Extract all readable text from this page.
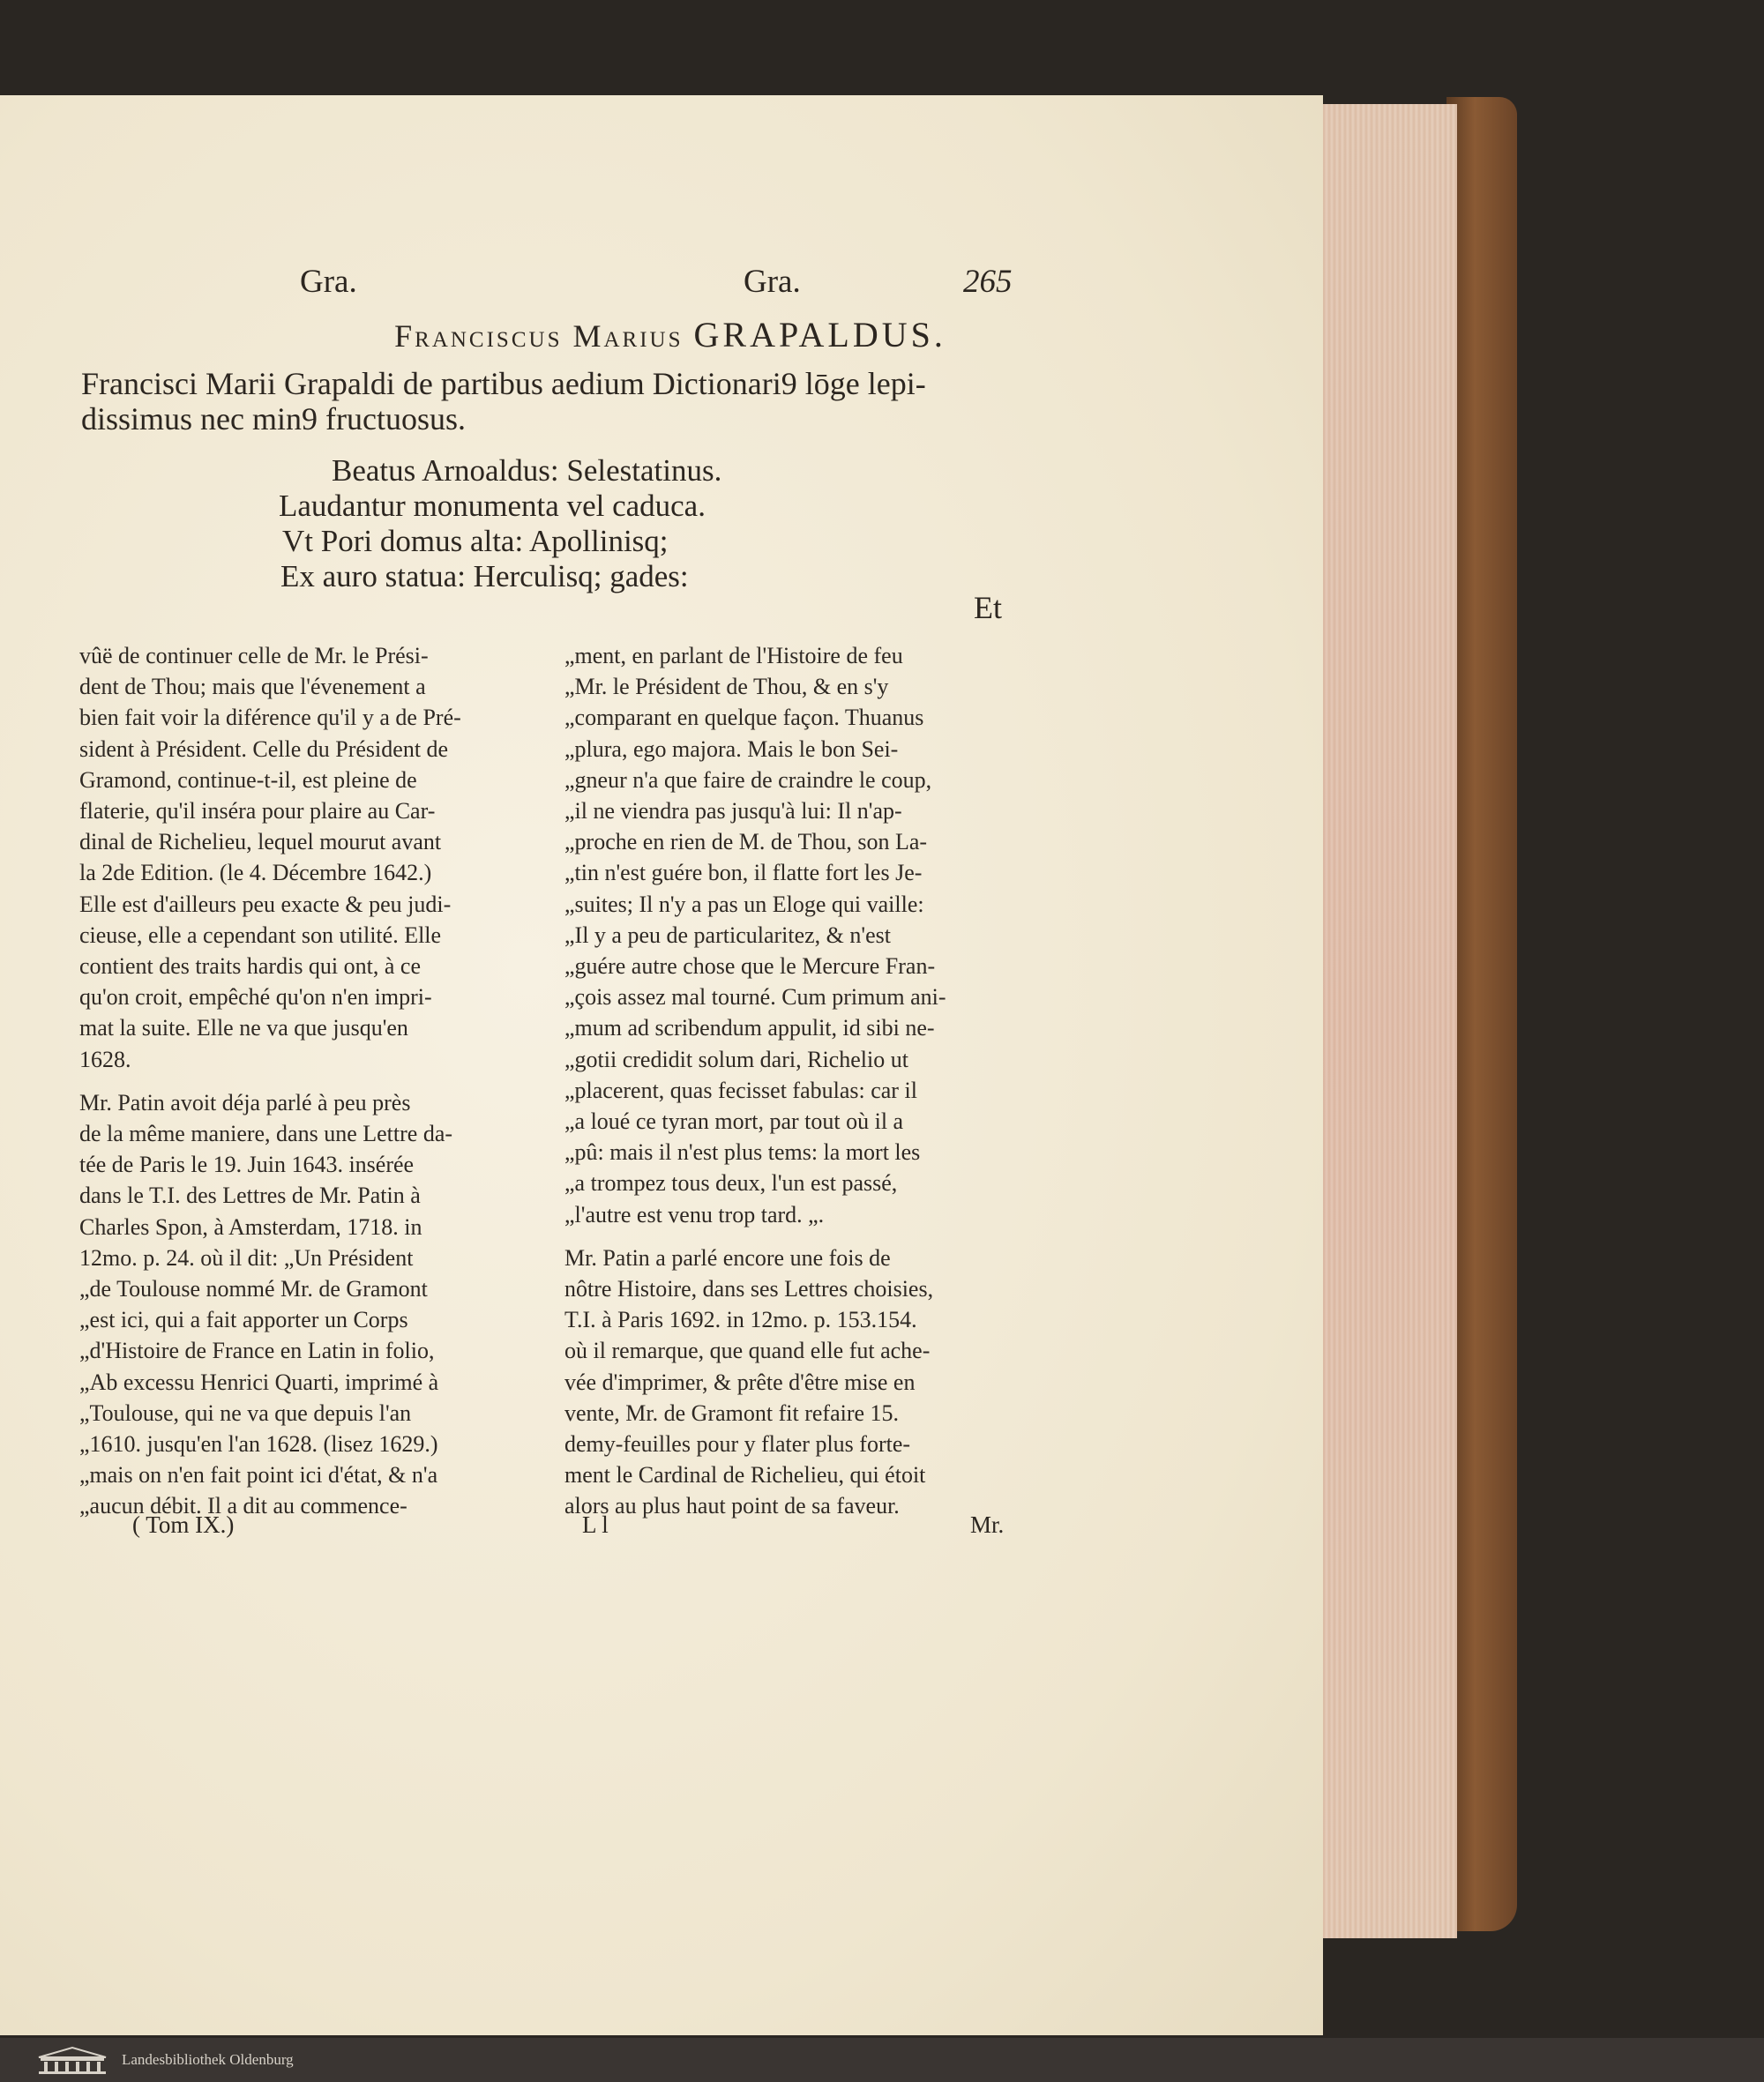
Gra.	Gra.	265
Franciscus Marius GRAPALDUS.
Francisci Marii Grapaldi de partibus aedium Dictionari9 lōge lepi-
dissimus nec min9 fructuosus.
Beatus Arnoaldus: Selestatinus.
Laudantur monumenta vel caduca.
Vt Pori domus alta: Apollinisq;
Ex auro statua: Herculisq; gades:
Et

vûë de continuer celle de Mr. le Prési-
dent de Thou; mais que l'évenement a
bien fait voir la diférence qu'il y a de Pré-
sident à Président. Celle du Président de
Gramond, continue-t-il, est pleine de
flaterie, qu'il inséra pour plaire au Car-
dinal de Richelieu, lequel mourut avant
la 2de Edition. (le 4. Décembre 1642.)
Elle est d'ailleurs peu exacte & peu judi-
cieuse, elle a cependant son utilité. Elle
contient des traits hardis qui ont, à ce
qu'on croit, empêché qu'on n'en impri-
mat la suite. Elle ne va que jusqu'en
1628.

Mr. Patin avoit déja parlé à peu près
de la même maniere, dans une Lettre da-
tée de Paris le 19. Juin 1643. insérée
dans le T.I. des Lettres de Mr. Patin à
Charles Spon, à Amsterdam, 1718. in
12mo. p. 24. où il dit: „Un Président
„de Toulouse nommé Mr. de Gramont
„est ici, qui a fait apporter un Corps
„d'Histoire de France en Latin in folio,
„Ab excessu Henrici Quarti, imprimé à
„Toulouse, qui ne va que depuis l'an
„1610. jusqu'en l'an 1628. (lisez 1629.)
„mais on n'en fait point ici d'état, & n'a
„aucun débit. Il a dit au commence-

„ment, en parlant de l'Histoire de feu
„Mr. le Président de Thou, & en s'y
„comparant en quelque façon. Thuanus
„plura, ego majora. Mais le bon Sei-
„gneur n'a que faire de craindre le coup,
„il ne viendra pas jusqu'à lui: Il n'ap-
„proche en rien de M. de Thou, son La-
„tin n'est guére bon, il flatte fort les Je-
„suites; Il n'y a pas un Eloge qui vaille:
„Il y a peu de particularitez, & n'est
„guére autre chose que le Mercure Fran-
„çois assez mal tourné. Cum primum ani-
„mum ad scribendum appulit, id sibi ne-
„gotii credidit solum dari, Richelio ut
„placerent, quas fecisset fabulas: car il
„a loué ce tyran mort, par tout où il a
„pû: mais il n'est plus tems: la mort les
„a trompez tous deux, l'un est passé,
„l'autre est venu trop tard. „.

Mr. Patin a parlé encore une fois de
nôtre Histoire, dans ses Lettres choisies,
T.I. à Paris 1692. in 12mo. p. 153.154.
où il remarque, que quand elle fut ache-
vée d'imprimer, & prête d'être mise en
vente, Mr. de Gramont fit refaire 15.
demy-feuilles pour y flater plus forte-
ment le Cardinal de Richelieu, qui étoit
alors au plus haut point de sa faveur.

( Tom IX.)	L l	Mr.
Landesbibliothek Oldenburg
